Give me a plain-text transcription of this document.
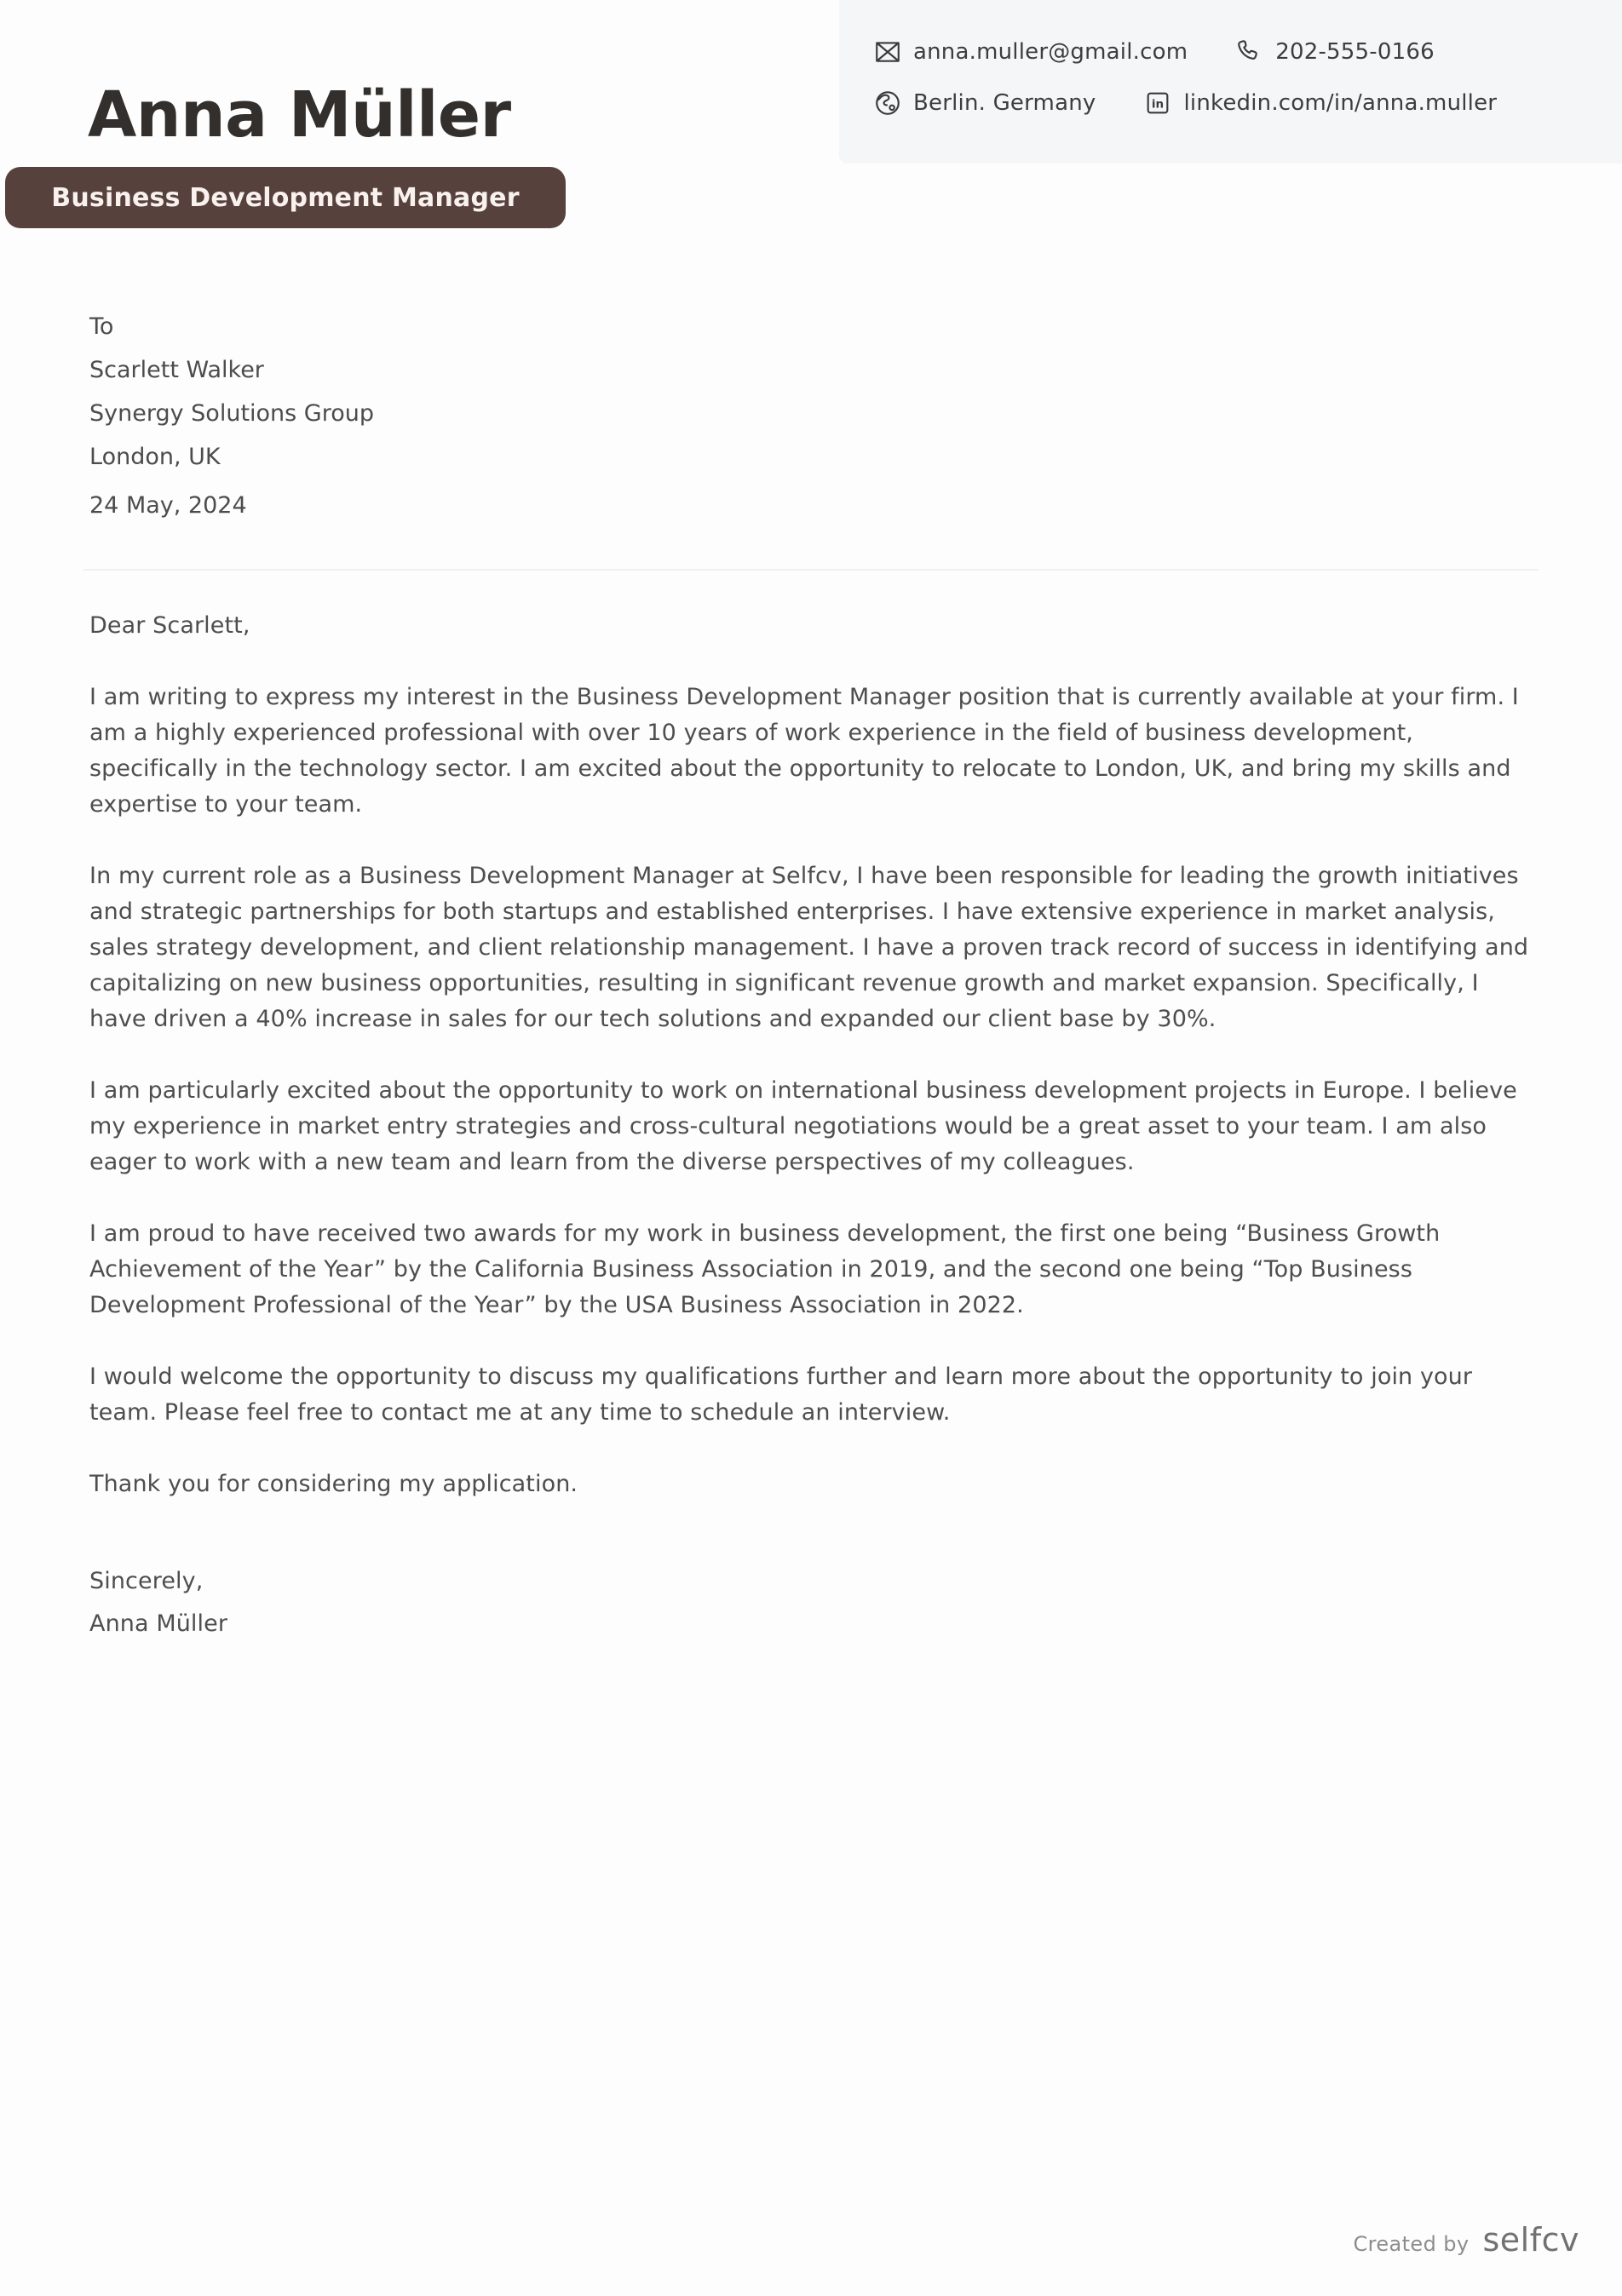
anna.muller@gmail.com	202-555-0166
Berlin. Germany	in linkedin.com/in/anna.muller
Anna Müller
Business Development Manager
To
Scarlett Walker
Synergy Solutions Group
London, UK
24 May, 2024

Dear Scarlett,

I am writing to express my interest in the Business Development Manager position that is currently available at your firm. I am a highly experienced professional with over 10 years of work experience in the field of business development, specifically in the technology sector. I am excited about the opportunity to relocate to London, UK, and bring my skills and expertise to your team.

In my current role as a Business Development Manager at Selfcv, I have been responsible for leading the growth initiatives and strategic partnerships for both startups and established enterprises. I have extensive experience in market analysis, sales strategy development, and client relationship management. I have a proven track record of success in identifying and capitalizing on new business opportunities, resulting in significant revenue growth and market expansion. Specifically, I have driven a 40% increase in sales for our tech solutions and expanded our client base by 30%.

I am particularly excited about the opportunity to work on international business development projects in Europe. I believe my experience in market entry strategies and cross-cultural negotiations would be a great asset to your team. I am also eager to work with a new team and learn from the diverse perspectives of my colleagues.

I am proud to have received two awards for my work in business development, the first one being “Business Growth Achievement of the Year” by the California Business Association in 2019, and the second one being “Top Business Development Professional of the Year” by the USA Business Association in 2022.

I would welcome the opportunity to discuss my qualifications further and learn more about the opportunity to join your team. Please feel free to contact me at any time to schedule an interview.

Thank you for considering my application.

Sincerely,

Anna Müller

Created by selfcv
